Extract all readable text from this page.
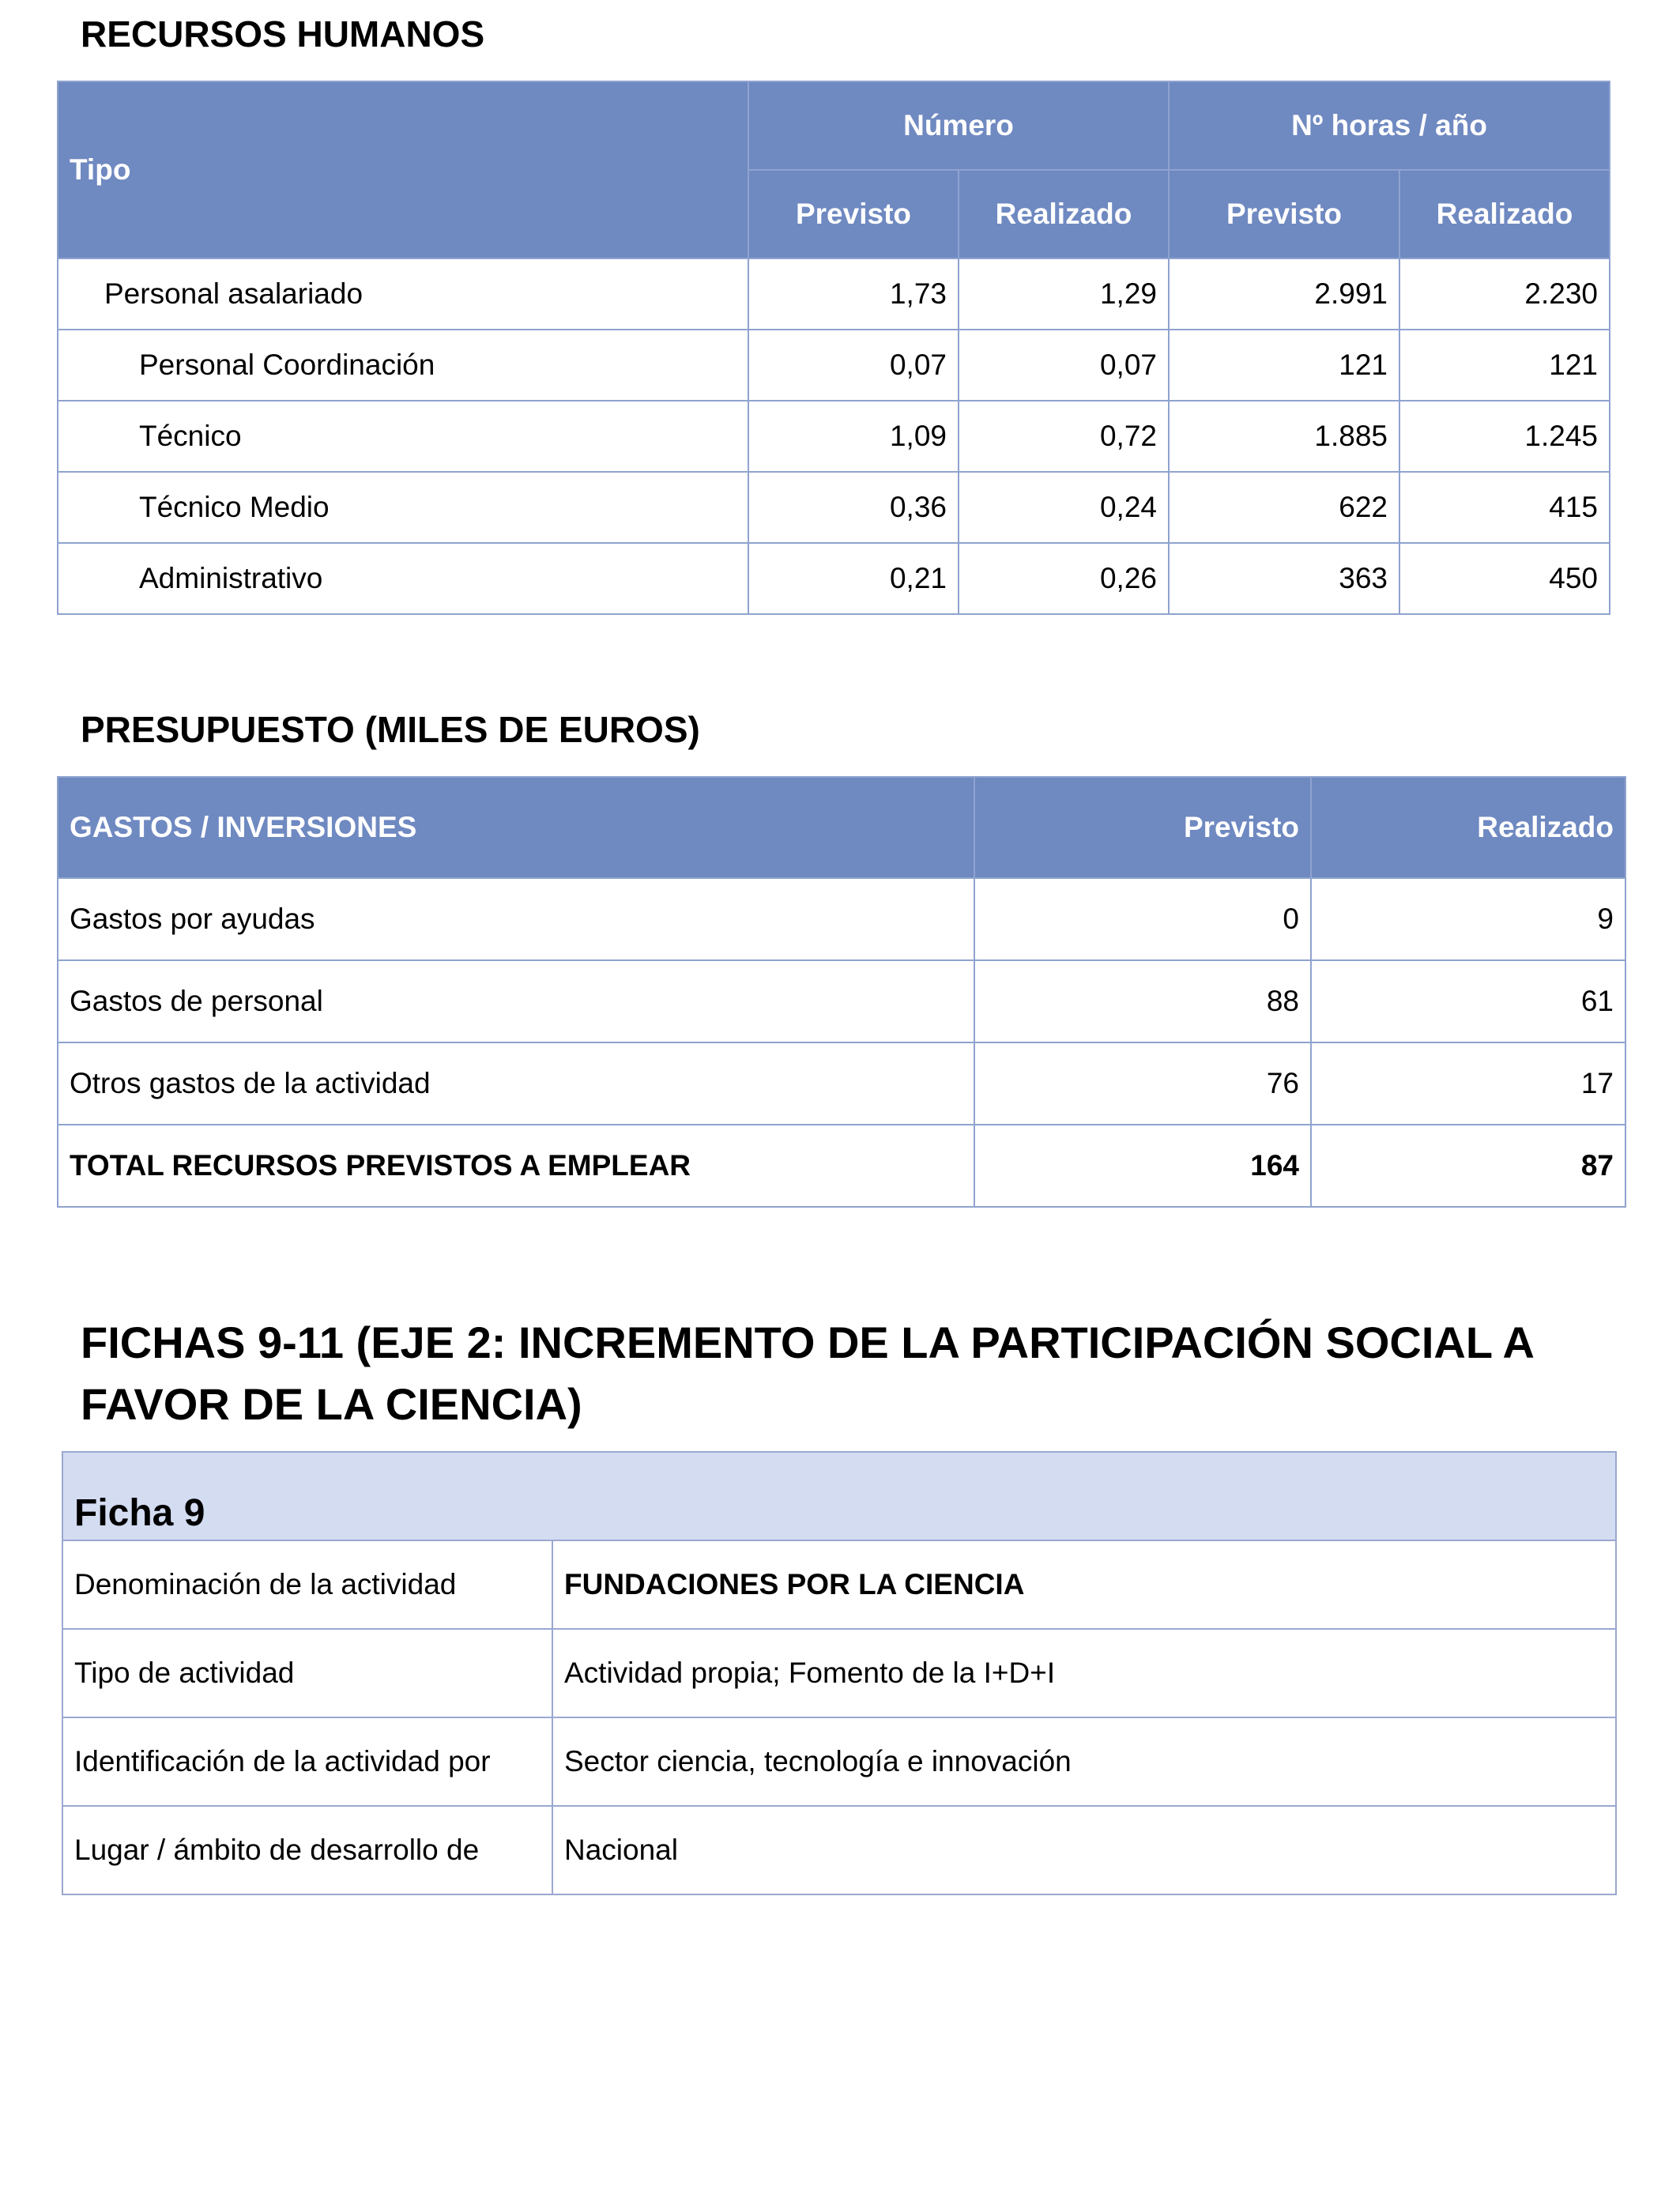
RECURSOS HUMANOS
Tipo	Número		Nº horas / año	
	Previsto	Realizado	Previsto	Realizado
Personal asalariado	1,73	1,29	2.991	2.230
Personal Coordinación	0,07	0,07	121	121
Técnico	1,09	0,72	1.885	1.245
Técnico Medio	0,36	0,24	622	415
Administrativo	0,21	0,26	363	450
PRESUPUESTO (MILES DE EUROS)
GASTOS / INVERSIONES	Previsto	Realizado
Gastos por ayudas	0	9
Gastos de personal	88	61
Otros gastos de la actividad	76	17
TOTAL RECURSOS PREVISTOS A EMPLEAR	164	87
FICHAS 9-11 (EJE 2: INCREMENTO DE LA PARTICIPACIÓN SOCIAL A FAVOR DE LA CIENCIA)
Ficha 9	
Denominación de la actividad	FUNDACIONES POR LA CIENCIA
Tipo de actividad	Actividad propia; Fomento de la I+D+I
Identificación de la actividad por	Sector ciencia, tecnología e innovación
Lugar / ámbito de desarrollo de	Nacional
